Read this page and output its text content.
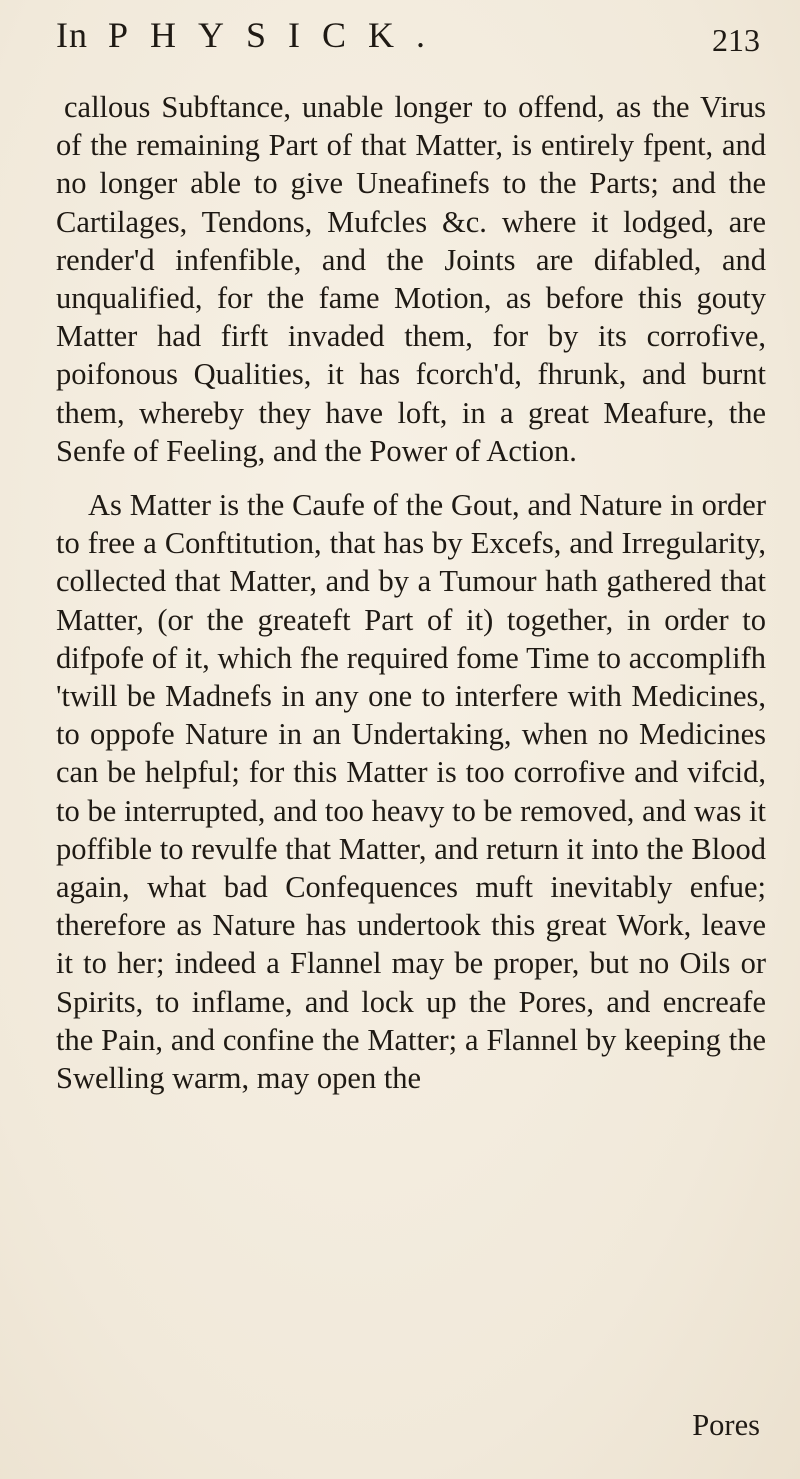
In PHYSICK.	213

callous Subftance, unable longer to offend, as the Virus of the remaining Part of that Matter, is entirely fpent, and no longer able to give Uneafinefs to the Parts; and the Cartilages, Tendons, Mufcles &c. where it lodged, are render'd infenfible, and the Joints are difabled, and unqualified, for the fame Motion, as before this gouty Matter had firft invaded them, for by its corrofive, poifonous Qualities, it has fcorch'd, fhrunk, and burnt them, whereby they have loft, in a great Meafure, the Senfe of Feeling, and the Power of Action.

As Matter is the Caufe of the Gout, and Nature in order to free a Conftitution, that has by Excefs, and Irregularity, collected that Matter, and by a Tumour hath gathered that Matter, (or the greateft Part of it) together, in order to difpofe of it, which fhe required fome Time to accomplifh 'twill be Madnefs in any one to interfere with Medicines, to oppofe Nature in an Undertaking, when no Medicines can be helpful; for this Matter is too corrofive and vifcid, to be interrupted, and too heavy to be removed, and was it poffible to revulfe that Matter, and return it into the Blood again, what bad Confequences muft inevitably enfue; therefore as Nature has undertook this great Work, leave it to her; indeed a Flannel may be proper, but no Oils or Spirits, to inflame, and lock up the Pores, and encreafe the Pain, and confine the Matter; a Flannel by keeping the Swelling warm, may open the

Pores
